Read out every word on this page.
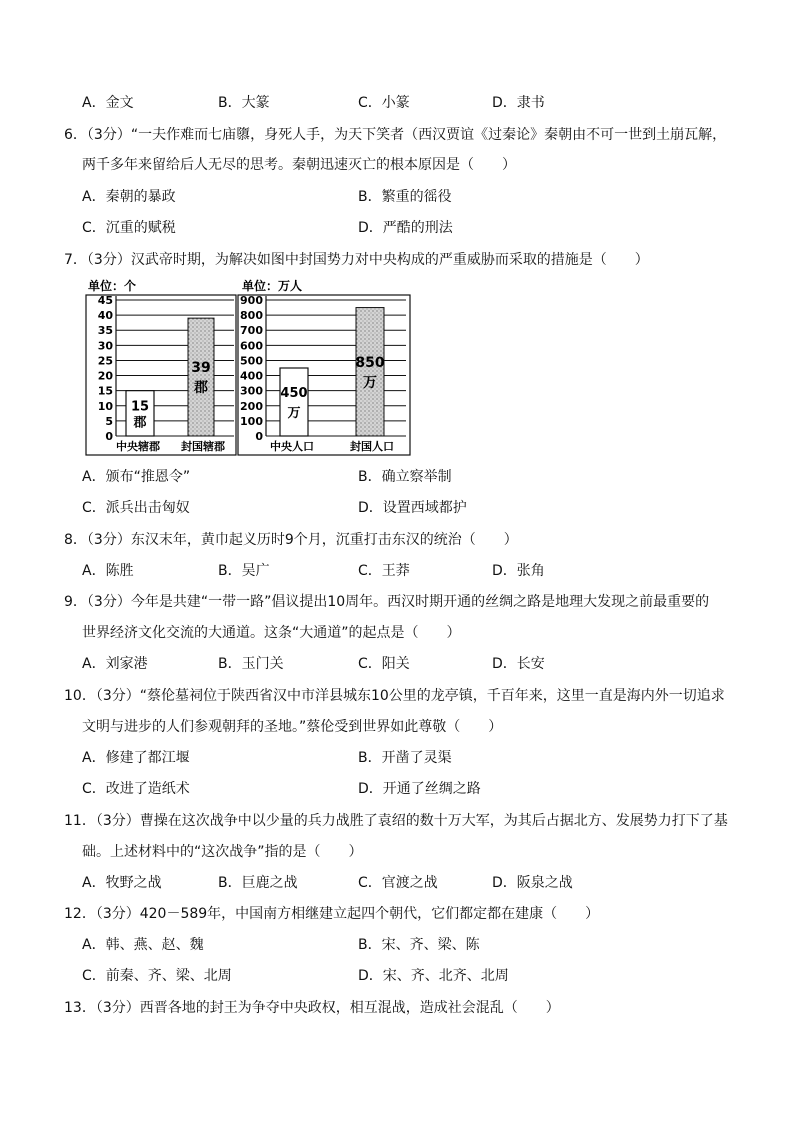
A．金文	B．大篆	C．小篆	D．隶书
6．（3分）“一夫作难而七庙隳，身死人手，为天下笑者（西汉贾谊《过秦论》秦朝由不可一世到土崩瓦解，
两千多年来留给后人无尽的思考。秦朝迅速灭亡的根本原因是（　　）
A．秦朝的暴政	B．繁重的徭役
C．沉重的赋税	D．严酷的刑法
7．（3分）汉武帝时期，为解决如图中封国势力对中央构成的严重威胁而采取的措施是（　　）
单位：个	单位：万人
45
40
35
30
25
20
15
10
5
0
15
郡
39
郡
中央辖郡 封国辖郡
900
800
700
600
500
400
300
200
100
0
450
万
850
万
中央人口	封国人口
A．颁布“推恩令”	B．确立察举制
C．派兵出击匈奴	D．设置西域都护
8．（3分）东汉末年，黄巾起义历时9个月，沉重打击东汉的统治（　　）
A．陈胜	B．吴广	C．王莽	D．张角
9．（3分）今年是共建“一带一路”倡议提出10周年。西汉时期开通的丝绸之路是地理大发现之前最重要的
世界经济文化交流的大通道。这条“大通道”的起点是（　　）
A．刘家港	B．玉门关	C．阳关	D．长安
10．（3分）“蔡伦墓祠位于陕西省汉中市洋县城东10公里的龙亭镇，千百年来，这里一直是海内外一切追求
文明与进步的人们参观朝拜的圣地。”蔡伦受到世界如此尊敬（　　）
A．修建了都江堰	B．开凿了灵渠
C．改进了造纸术	D．开通了丝绸之路
11．（3分）曹操在这次战争中以少量的兵力战胜了袁绍的数十万大军，为其后占据北方、发展势力打下了基
础。上述材料中的“这次战争”指的是（　　）
A．牧野之战	B．巨鹿之战	C．官渡之战	D．阪泉之战
12．（3分）420－589年，中国南方相继建立起四个朝代，它们都定都在建康（　　）
A．韩、燕、赵、魏	B．宋、齐、梁、陈
C．前秦、齐、梁、北周	D．宋、齐、北齐、北周
13．（3分）西晋各地的封王为争夺中央政权，相互混战，造成社会混乱（　　）
